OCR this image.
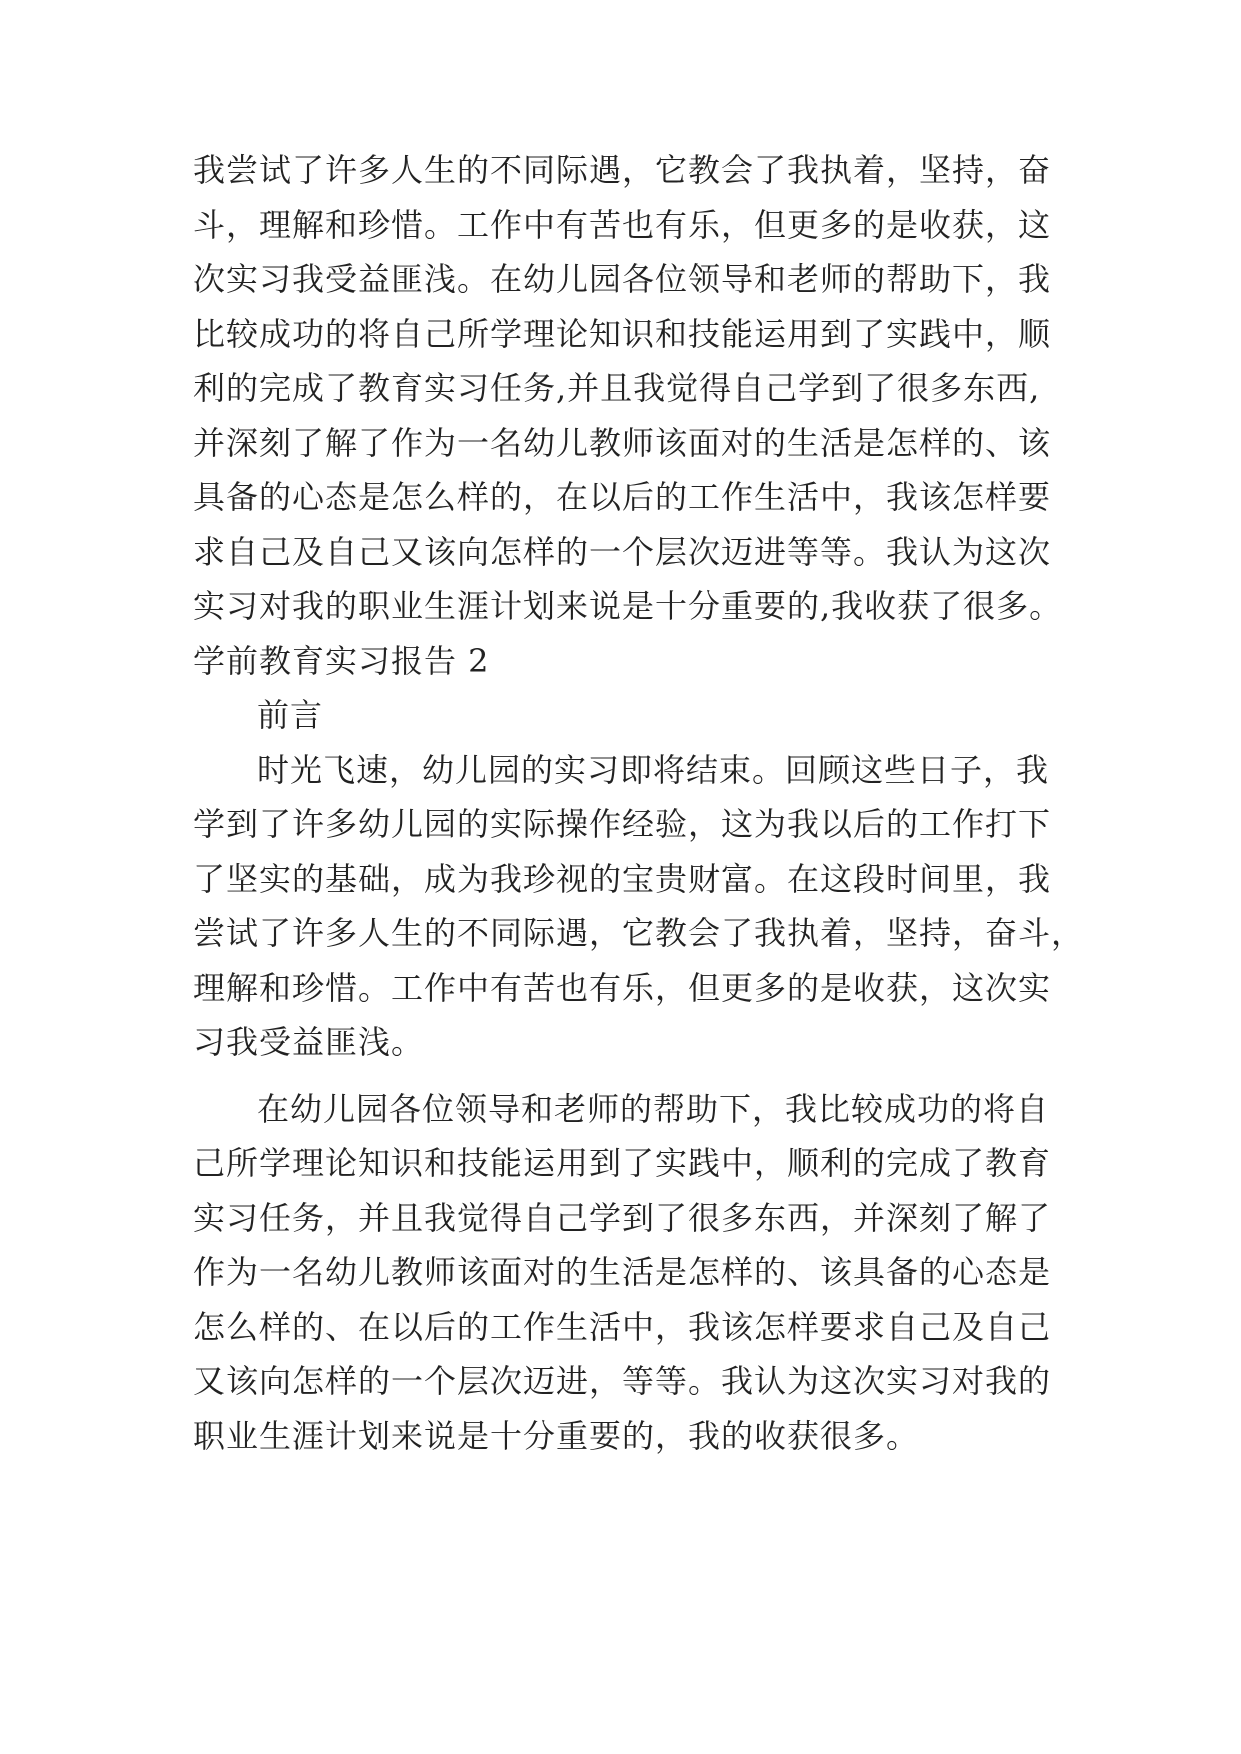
我尝试了许多人生的不同际遇，它教会了我执着，坚持，奋
斗，理解和珍惜。工作中有苦也有乐，但更多的是收获，这
次实习我受益匪浅。在幼儿园各位领导和老师的帮助下，我
比较成功的将自己所学理论知识和技能运用到了实践中，顺
利的完成了教育实习任务,并且我觉得自己学到了很多东西,
并深刻了解了作为一名幼儿教师该面对的生活是怎样的、该
具备的心态是怎么样的，在以后的工作生活中，我该怎样要
求自己及自己又该向怎样的一个层次迈进等等。我认为这次
实习对我的职业生涯计划来说是十分重要的,我收获了很多。
学前教育实习报告 2
前言
时光飞速，幼儿园的实习即将结束。回顾这些日子，我
学到了许多幼儿园的实际操作经验，这为我以后的工作打下
了坚实的基础，成为我珍视的宝贵财富。在这段时间里，我
尝试了许多人生的不同际遇，它教会了我执着，坚持，奋斗，
理解和珍惜。工作中有苦也有乐，但更多的是收获，这次实
习我受益匪浅。
在幼儿园各位领导和老师的帮助下，我比较成功的将自
己所学理论知识和技能运用到了实践中，顺利的完成了教育
实习任务，并且我觉得自己学到了很多东西，并深刻了解了
作为一名幼儿教师该面对的生活是怎样的、该具备的心态是
怎么样的、在以后的工作生活中，我该怎样要求自己及自己
又该向怎样的一个层次迈进，等等。我认为这次实习对我的
职业生涯计划来说是十分重要的，我的收获很多。
